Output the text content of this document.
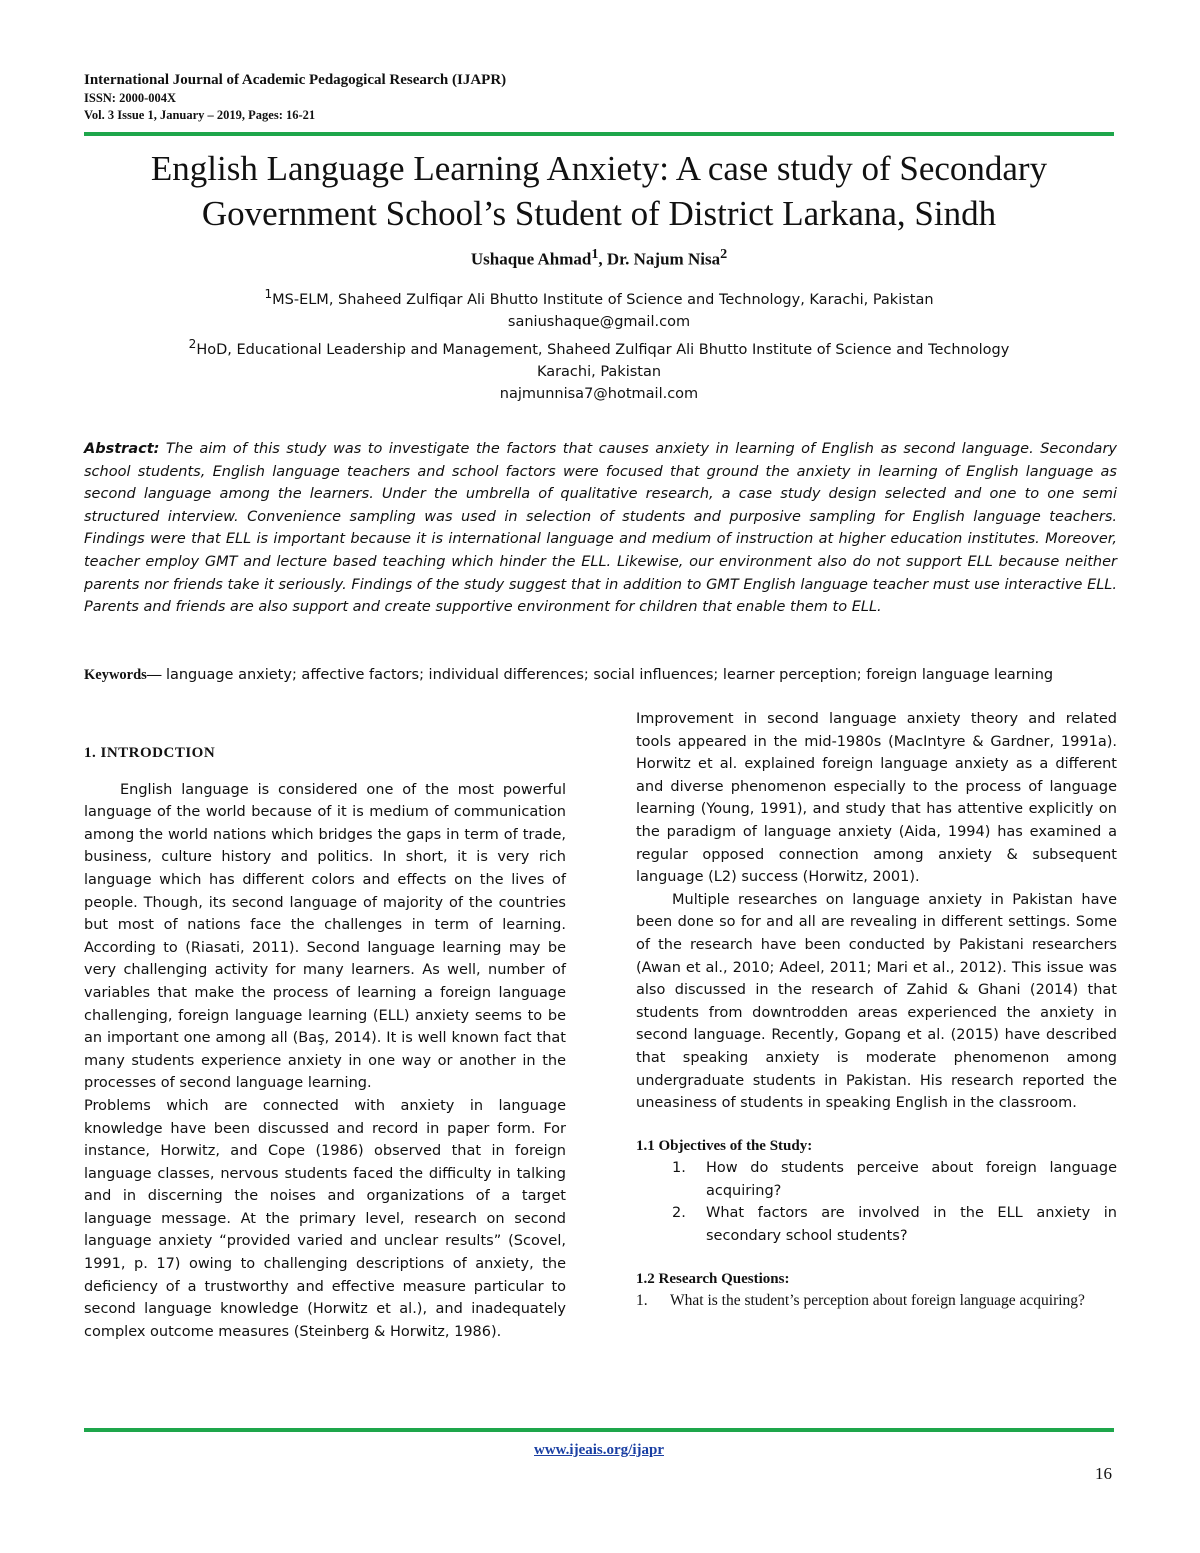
International Journal of Academic Pedagogical Research (IJAPR)
ISSN: 2000-004X
Vol. 3 Issue 1, January – 2019, Pages: 16-21
English Language Learning Anxiety: A case study of Secondary
Government School’s Student of District Larkana, Sindh
Ushaque Ahmad$^1$, Dr. Najum Nisa$^2$
$^1$MS-ELM, Shaheed Zulfiqar Ali Bhutto Institute of Science and Technology, Karachi, Pakistan
saniushaque@gmail.com
$^2$HoD, Educational Leadership and Management, Shaheed Zulfiqar Ali Bhutto Institute of Science and Technology
Karachi, Pakistan
najmunnisa7@hotmail.com
Abstract: The aim of this study was to investigate the factors that causes anxiety in learning of English as second language. Secondary school students, English language teachers and school factors were focused that ground the anxiety in learning of English language as second language among the learners. Under the umbrella of qualitative research, a case study design selected and one to one semi structured interview. Convenience sampling was used in selection of students and purposive sampling for English language teachers. Findings were that ELL is important because it is international language and medium of instruction at higher education institutes. Moreover, teacher employ GMT and lecture based teaching which hinder the ELL. Likewise, our environment also do not support ELL because neither parents nor friends take it seriously. Findings of the study suggest that in addition to GMT English language teacher must use interactive ELL. Parents and friends are also support and create supportive environment for children that enable them to ELL.
Keywords— language anxiety; affective factors; individual differences; social influences; learner perception; foreign language learning
1. INTRODCTION

English language is considered one of the most powerful language of the world because of it is medium of communication among the world nations which bridges the gaps in term of trade, business, culture history and politics. In short, it is very rich language which has different colors and effects on the lives of people. Though, its second language of majority of the countries but most of nations face the challenges in term of learning. According to (Riasati, 2011). Second language learning may be very challenging activity for many learners. As well, number of variables that make the process of learning a foreign language challenging, foreign language learning (ELL) anxiety seems to be an important one among all (Baş, 2014). It is well known fact that many students experience anxiety in one way or another in the processes of second language learning.

Problems which are connected with anxiety in language knowledge have been discussed and record in paper form. For instance, Horwitz, and Cope (1986) observed that in foreign language classes, nervous students faced the difficulty in talking and in discerning the noises and organizations of a target language message. At the primary level, research on second language anxiety “provided varied and unclear results” (Scovel, 1991, p. 17) owing to challenging descriptions of anxiety, the deficiency of a trustworthy and effective measure particular to second language knowledge (Horwitz et al.), and inadequately complex outcome measures (Steinberg & Horwitz, 1986).

Improvement in second language anxiety theory and related tools appeared in the mid-1980s (MacIntyre & Gardner, 1991a). Horwitz et al. explained foreign language anxiety as a different and diverse phenomenon especially to the process of language learning (Young, 1991), and study that has attentive explicitly on the paradigm of language anxiety (Aida, 1994) has examined a regular opposed connection among anxiety & subsequent language (L2) success (Horwitz, 2001).

Multiple researches on language anxiety in Pakistan have been done so for and all are revealing in different settings. Some of the research have been conducted by Pakistani researchers (Awan et al., 2010; Adeel, 2011; Mari et al., 2012). This issue was also discussed in the research of Zahid & Ghani (2014) that students from downtrodden areas experienced the anxiety in second language. Recently, Gopang et al. (2015) have described that speaking anxiety is moderate phenomenon among undergraduate students in Pakistan. His research reported the uneasiness of students in speaking English in the classroom.

1.1 Objectives of the Study:
1. How do students perceive about foreign language acquiring?
2. What factors are involved in the ELL anxiety in secondary school students?
1.2 Research Questions:
1. What is the student’s perception about foreign language acquiring?
www.ijeais.org/ijapr
16
